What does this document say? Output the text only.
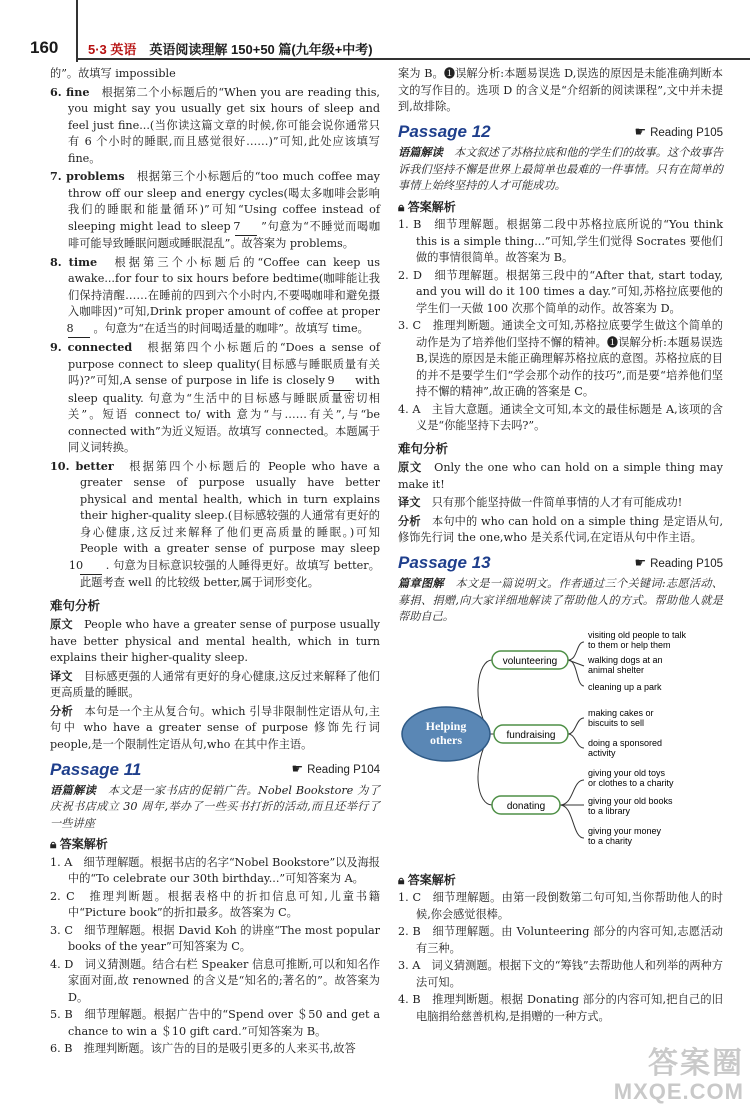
160 5·3 英语　 英语阅读理解 150+50 篇(九年级+中考)

的”。故填写 impossible

6. fine　 根据第二个小标题后的“When you are reading this, you might say you usually get six hours of sleep and feel just fine...(当你读这篇文章的时候,你可能会说你通常只有 6 个小时的睡眠,而且感觉很好……)”可知,此处应该填写 fine。

7. problems　 根据第三个小标题后的“too much coffee may throw off our sleep and energy cycles(喝太多咖啡会影响我们的睡眠和能量循环)”可知“Using coffee instead of sleeping might lead to sleep 7 ”句意为“不睡觉而喝咖啡可能导致睡眠问题或睡眠混乱”。故答案为 problems。

8. time　 根据第三个小标题后的“Coffee can keep us awake...for four to six hours before bedtime(咖啡能让我们保持清醒……在睡前的四到六个小时内,不要喝咖啡和避免摄入咖啡因)”可知,Drink proper amount of coffee at proper 8 。句意为“在适当的时间喝适量的咖啡”。故填写 time。

9. connected　 根据第四个小标题后的“Does a sense of purpose connect to sleep quality(目标感与睡眠质量有关吗)?”可知,A sense of purpose in life is closely 9 with sleep quality. 句意为“生活中的目标感与睡眠质量密切相关”。短语 connect to/ with 意为“与……有关”,与“be connected with”为近义短语。故填写 connected。本题属于同义词转换。

10. better　 根据第四个小标题后的 People who have a greater sense of purpose usually have better physical and mental health, which in turn explains their higher-quality sleep.(目标感较强的人通常有更好的身心健康,这反过来解释了他们更高质量的睡眠。)可知 People with a greater sense of purpose may sleep 10 . 句意为目标意识较强的人睡得更好。故填写 better。此题考查 well 的比较级 better,属于词形变化。

难句分析

原文　 People who have a greater sense of purpose usually have better physical and mental health, which in turn explains their higher-quality sleep.

译文　 目标感更强的人通常有更好的身心健康,这反过来解释了他们更高质量的睡眠。

分析　 本句是一个主从复合句。which 引导非限制性定语从句,主句中 who have a greater sense of purpose 修饰先行词 people,是一个限制性定语从句,who 在其中作主语。

Passage 11	☛ Reading P104

语篇解读　 本文是一家书店的促销广告。Nobel Bookstore 为了庆祝书店成立 30 周年,举办了一些买书打折的活动,而且还举行了一些讲座

🔒︎ 答案解析

1. A　细节理解题。根据书店的名字“Nobel Bookstore”以及海报中的“To celebrate our 30th birthday...”可知答案为 A。

2. C　推理判断题。根据表格中的折扣信息可知,儿童书籍中“Picture book”的折扣最多。故答案为 C。

3. C　细节理解题。根据 David Koh 的讲座“The most popular books of the year”可知答案为 C。

4. D　词义猜测题。结合右栏 Speaker 信息可推断,可以和知名作家面对面,故 renowned 的含义是“知名的;著名的”。故答案为 D。

5. B　细节理解题。根据广告中的“Spend over ＄50 and get a chance to win a ＄10 gift card.”可知答案为 B。

6. B　推理判断题。该广告的目的是吸引更多的人来买书,故答

案为 B。❶误解分析:本题易误选 D,误选的原因是未能准确判断本文的写作目的。选项 D 的含义是“介绍新的阅读课程”,文中并未提到,故排除。

Passage 12	☛ Reading P105

语篇解读　 本文叙述了苏格拉底和他的学生们的故事。这个故事告诉我们坚持不懈是世界上最简单也最难的一件事情。只有在简单的事情上始终坚持的人才可能成功。

🔒︎ 答案解析

1. B　细节理解题。根据第二段中苏格拉底所说的“You think this is a simple thing...”可知,学生们觉得 Socrates 要他们做的事情很简单。故答案为 B。

2. D　细节理解题。根据第三段中的“After that, start today, and you will do it 100 times a day.”可知,苏格拉底要他的学生们一天做 100 次那个简单的动作。故答案为 D。

3. C　推理判断题。通读全文可知,苏格拉底要学生做这个简单的动作是为了培养他们坚持不懈的精神。❶误解分析:本题易误选 B,误选的原因是未能正确理解苏格拉底的意图。苏格拉底的目的并不是要学生们“学会那个动作的技巧”,而是要“培养他们坚持不懈的精神”,故正确的答案是 C。

4. A　主旨大意题。通读全文可知,本文的最佳标题是 A,该项的含义是“你能坚持下去吗?”。

难句分析

原文　 Only the one who can hold on a simple thing may make it!

译文　 只有那个能坚持做一件简单事情的人才有可能成功!

分析　 本句中的 who can hold on a simple thing 是定语从句,修饰先行词 the one,who 是关系代词,在定语从句中作主语。

Passage 13	☛ Reading P105

篇章图解　 本文是一篇说明文。作者通过三个关键词:志愿活动、募捐、捐赠,向大家详细地解读了帮助他人的方式。帮助他人就是帮助自己。

Helping
others
volunteering
visiting old people to talk
to them or help them
walking dogs at an
animal shelter
cleaning up a park
fundraising
making cakes or
biscuits to sell
doing a sponsored
activity
donating
giving your old toys
or clothes to a charity
giving your old books
to a library
giving your money
to a charity
🔒︎ 答案解析

1. C　细节理解题。由第一段倒数第二句可知,当你帮助他人的时候,你会感觉很棒。

2. B　细节理解题。由 Volunteering 部分的内容可知,志愿活动有三种。

3. A　词义猜测题。根据下文的“筹钱”去帮助他人和列举的两种方法可知。

4. B　推理判断题。根据 Donating 部分的内容可知,把自己的旧电脑捐给慈善机构,是捐赠的一种方式。

答案圈
MXQE.COM
